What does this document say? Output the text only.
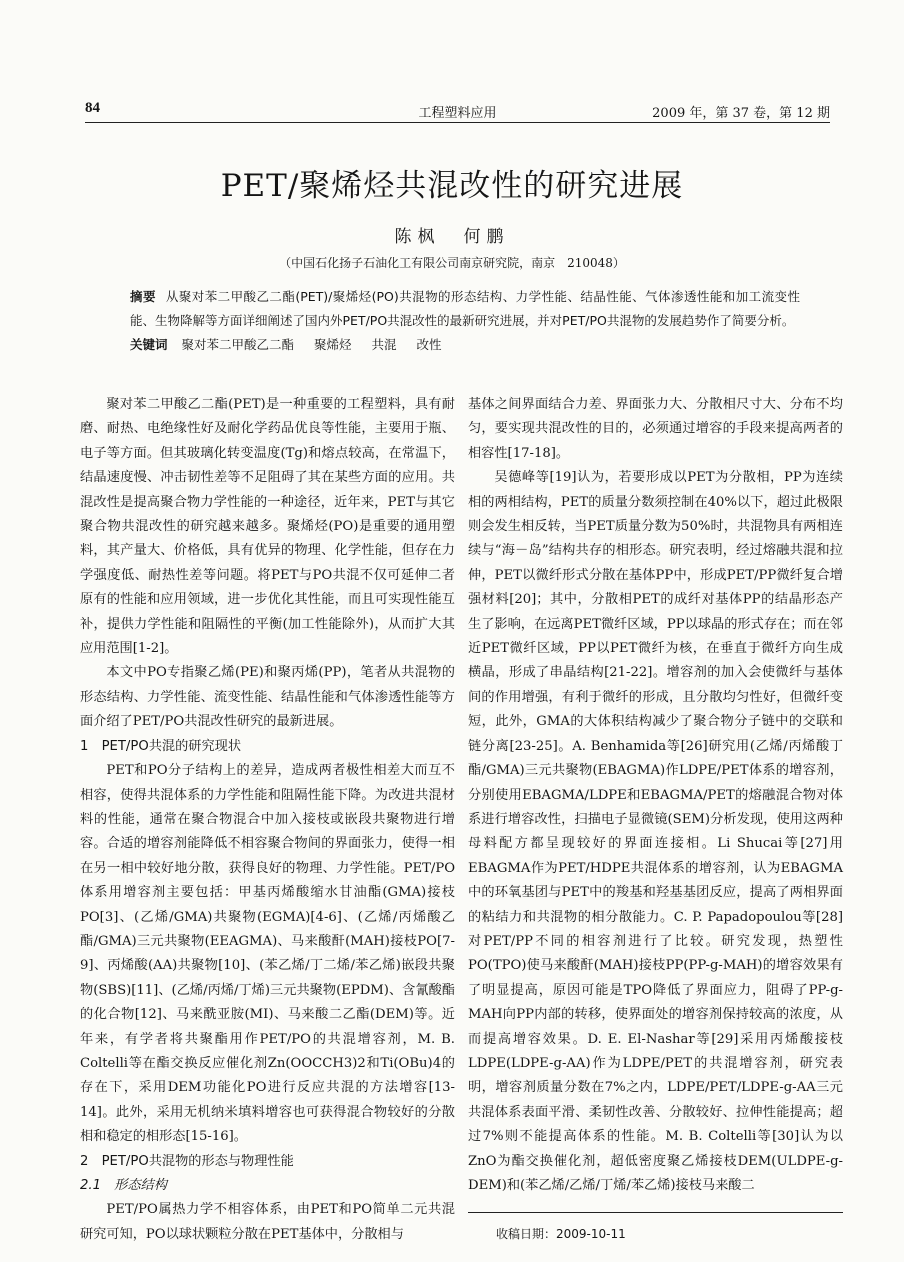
84	工程塑料应用	2009 年，第 37 卷，第 12 期
PET/聚烯烃共混改性的研究进展
陈枫　何鹏
（中国石化扬子石油化工有限公司南京研究院，南京　210048）

摘要 从聚对苯二甲酸乙二酯(PET)/聚烯烃(PO)共混物的形态结构、力学性能、结晶性能、气体渗透性能和加工流变性能、生物降解等方面详细阐述了国内外PET/PO共混改性的最新研究进展，并对PET/PO共混物的发展趋势作了简要分析。

关键词 聚对苯二甲酸乙二酯 聚烯烃 共混 改性

聚对苯二甲酸乙二酯(PET)是一种重要的工程塑料，具有耐磨、耐热、电绝缘性好及耐化学药品优良等性能，主要用于瓶、电子等方面。但其玻璃化转变温度(Tg)和熔点较高，在常温下，结晶速度慢、冲击韧性差等不足阻碍了其在某些方面的应用。共混改性是提高聚合物力学性能的一种途径，近年来，PET与其它聚合物共混改性的研究越来越多。聚烯烃(PO)是重要的通用塑料，其产量大、价格低，具有优异的物理、化学性能，但存在力学强度低、耐热性差等问题。将PET与PO共混不仅可延伸二者原有的性能和应用领域，进一步优化其性能，而且可实现性能互补，提供力学性能和阻隔性的平衡(加工性能除外)，从而扩大其应用范围[1-2]。

本文中PO专指聚乙烯(PE)和聚丙烯(PP)，笔者从共混物的形态结构、力学性能、流变性能、结晶性能和气体渗透性能等方面介绍了PET/PO共混改性研究的最新进展。

1　PET/PO共混的研究现状

PET和PO分子结构上的差异，造成两者极性相差大而互不相容，使得共混体系的力学性能和阻隔性能下降。为改进共混材料的性能，通常在聚合物混合中加入接枝或嵌段共聚物进行增容。合适的增容剂能降低不相容聚合物间的界面张力，使得一相在另一相中较好地分散，获得良好的物理、力学性能。PET/PO体系用增容剂主要包括：甲基丙烯酸缩水甘油酯(GMA)接枝PO[3]、(乙烯/GMA)共聚物(EGMA)[4-6]、(乙烯/丙烯酸乙酯/GMA)三元共聚物(EEAGMA)、马来酸酐(MAH)接枝PO[7-9]、丙烯酸(AA)共聚物[10]、(苯乙烯/丁二烯/苯乙烯)嵌段共聚物(SBS)[11]、(乙烯/丙烯/丁烯)三元共聚物(EPDM)、含氰酸酯的化合物[12]、马来酰亚胺(MI)、马来酸二乙酯(DEM)等。近年来，有学者将共聚酯用作PET/PO的共混增容剂，M. B. Coltelli等在酯交换反应催化剂Zn(OOCCH3)2和Ti(OBu)4的存在下，采用DEM功能化PO进行反应共混的方法增容[13-14]。此外，采用无机纳米填料增容也可获得混合物较好的分散相和稳定的相形态[15-16]。

2　PET/PO共混物的形态与物理性能
2.1　形态结构

PET/PO属热力学不相容体系，由PET和PO简单二元共混研究可知，PO以球状颗粒分散在PET基体中，分散相与

基体之间界面结合力差、界面张力大、分散相尺寸大、分布不均匀，要实现共混改性的目的，必须通过增容的手段来提高两者的相容性[17-18]。

吴德峰等[19]认为，若要形成以PET为分散相，PP为连续相的两相结构，PET的质量分数须控制在40%以下，超过此极限则会发生相反转，当PET质量分数为50%时，共混物具有两相连续与“海－岛”结构共存的相形态。研究表明，经过熔融共混和拉伸，PET以微纤形式分散在基体PP中，形成PET/PP微纤复合增强材料[20]；其中，分散相PET的成纤对基体PP的结晶形态产生了影响，在远离PET微纤区域，PP以球晶的形式存在；而在邻近PET微纤区域，PP以PET微纤为核，在垂直于微纤方向生成横晶，形成了串晶结构[21-22]。增容剂的加入会使微纤与基体间的作用增强，有利于微纤的形成，且分散均匀性好，但微纤变短，此外，GMA的大体积结构减少了聚合物分子链中的交联和链分离[23-25]。A. Benhamida等[26]研究用(乙烯/丙烯酸丁酯/GMA)三元共聚物(EBAGMA)作LDPE/PET体系的增容剂，分别使用EBAGMA/LDPE和EBAGMA/PET的熔融混合物对体系进行增容改性，扫描电子显微镜(SEM)分析发现，使用这两种母料配方都呈现较好的界面连接相。Li Shucai等[27]用EBAGMA作为PET/HDPE共混体系的增容剂，认为EBAGMA中的环氧基团与PET中的羧基和羟基基团反应，提高了两相界面的粘结力和共混物的相分散能力。C. P. Papadopoulou等[28]对PET/PP不同的相容剂进行了比较。研究发现，热塑性PO(TPO)使马来酸酐(MAH)接枝PP(PP-g-MAH)的增容效果有了明显提高，原因可能是TPO降低了界面应力，阻碍了PP-g-MAH向PP内部的转移，使界面处的增容剂保持较高的浓度，从而提高增容效果。D. E. El-Nashar等[29]采用丙烯酸接枝LDPE(LDPE-g-AA)作为LDPE/PET的共混增容剂，研究表明，增容剂质量分数在7%之内，LDPE/PET/LDPE-g-AA三元共混体系表面平滑、柔韧性改善、分散较好、拉伸性能提高；超过7%则不能提高体系的性能。M. B. Coltelli等[30]认为以ZnO为酯交换催化剂，超低密度聚乙烯接枝DEM(ULDPE-g-DEM)和(苯乙烯/乙烯/丁烯/苯乙烯)接枝马来酸二

收稿日期：2009-10-11
